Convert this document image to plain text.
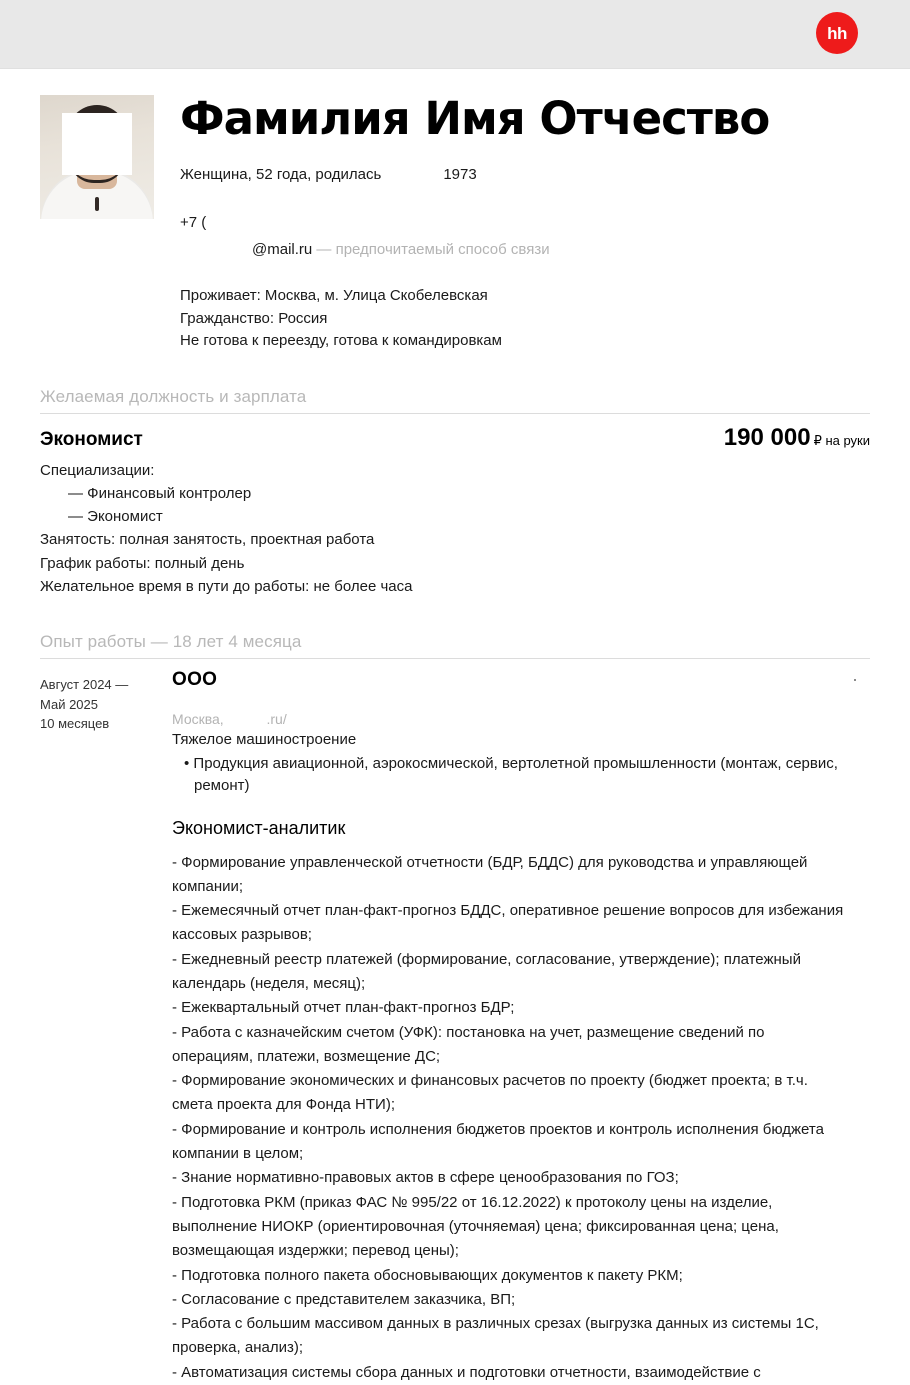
hh
Фамилия Имя Отчество

Женщина, 52 года, родилась	1973

+7 (
@mail.ru — предпочитаемый способ связи
Проживает: Москва, м. Улица Скобелевская
Гражданство: Россия
Не готова к переезду, готова к командировкам
Желаемая должность и зарплата
Экономист	190 000 ₽ на руки
Специализации:
— Финансовый контролер
— Экономист
Занятость: полная занятость, проектная работа
График работы: полный день
Желательное время в пути до работы: не более часа
Опыт работы — 18 лет 4 месяца
Август 2024 —
Май 2025
10 месяцев
ООО
Москва,	.ru/
Тяжелое машиностроение
• Продукция авиационной, аэрокосмической, вертолетной промышленности (монтаж, сервис, ремонт)
Экономист-аналитик

- Формирование управленческой отчетности (БДР, БДДС) для руководства и управляющей компании;

- Ежемесячный отчет план-факт-прогноз БДДС, оперативное решение вопросов для избежания кассовых разрывов;

- Ежедневный реестр платежей (формирование, согласование, утверждение); платежный календарь (неделя, месяц);

- Ежеквартальный отчет план-факт-прогноз БДР;

- Работа с казначейским счетом (УФК): постановка на учет, размещение сведений по операциям, платежи, возмещение ДС;

- Формирование экономических и финансовых расчетов по проекту (бюджет проекта; в т.ч. смета проекта для Фонда НТИ);

- Формирование и контроль исполнения бюджетов проектов и контроль исполнения бюджета компании в целом;

- Знание нормативно-правовых актов в сфере ценообразования по ГОЗ;

- Подготовка РКМ (приказ ФАС № 995/22 от 16.12.2022) к протоколу цены на изделие, выполнение НИОКР (ориентировочная (уточняемая) цена; фиксированная цена; цена, возмещающая издержки; перевод цены);

- Подготовка полного пакета обосновывающих документов к пакету РКМ;

- Согласование с представителем заказчика, ВП;

- Работа с большим массивом данных в различных срезах (выгрузка данных из системы 1С, проверка, анализ);

- Автоматизация системы сбора данных и подготовки отчетности, взаимодействие с
